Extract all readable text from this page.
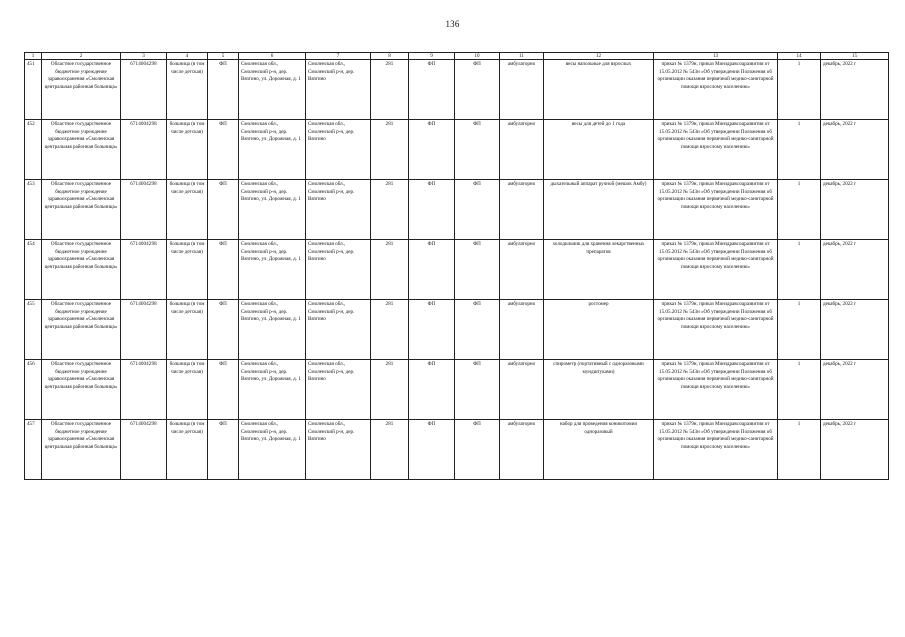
136
1	2	3	4	5	6	7	8	9	10	11	12	13	14	15
451	Областное государственное бюджетное учреждение здравоохранения «Смоленская центральная районная больница»	6714004298	больница (в том числе детская)	ФП	Смоленская обл., Смоленский р-н, дер. Вязгино, ул. Дорожная, д. 1	Смоленская обл., Смоленский р-н, дер. Вязгино	281	ФП	ФП	амбулаторно	весы напольные для взрослых	приказ № 1379н, приказ Минздравсоцразвития от 15.05.2012 № 543н «Об утверждении Положения об организации оказания первичной медико-санитарной помощи взрослому населению»	1	декабрь, 2022 г
452	Областное государственное бюджетное учреждение здравоохранения «Смоленская центральная районная больница»	6714004298	больница (в том числе детская)	ФП	Смоленская обл., Смоленский р-н, дер. Вязгино, ул. Дорожная, д. 1	Смоленская обл., Смоленский р-н, дер. Вязгино	281	ФП	ФП	амбулаторно	весы для детей до 1 года	приказ № 1379н, приказ Минздравсоцразвития от 15.05.2012 № 543н «Об утверждении Положения об организации оказания первичной медико-санитарной помощи взрослому населению»	1	декабрь, 2022 г
453	Областное государственное бюджетное учреждение здравоохранения «Смоленская центральная районная больница»	6714004298	больница (в том числе детская)	ФП	Смоленская обл., Смоленский р-н, дер. Вязгино, ул. Дорожная, д. 1	Смоленская обл., Смоленский р-н, дер. Вязгино	281	ФП	ФП	амбулаторно	дыхательный аппарат ручной (мешок Амбу)	приказ № 1379н, приказ Минздравсоцразвития от 15.05.2012 № 543н «Об утверждении Положения об организации оказания первичной медико-санитарной помощи взрослому населению»	1	декабрь, 2022 г
454	Областное государственное бюджетное учреждение здравоохранения «Смоленская центральная районная больница»	6714004298	больница (в том числе детская)	ФП	Смоленская обл., Смоленский р-н, дер. Вязгино, ул. Дорожная, д. 1	Смоленская обл., Смоленский р-н, дер. Вязгино	281	ФП	ФП	амбулаторно	холодильник для хранения лекарственных препаратов	приказ № 1379н, приказ Минздравсоцразвития от 15.05.2012 № 543н «Об утверждении Положения об организации оказания первичной медико-санитарной помощи взрослому населению»	1	декабрь, 2022 г
455	Областное государственное бюджетное учреждение здравоохранения «Смоленская центральная районная больница»	6714004298	больница (в том числе детская)	ФП	Смоленская обл., Смоленский р-н, дер. Вязгино, ул. Дорожная, д. 1	Смоленская обл., Смоленский р-н, дер. Вязгино	281	ФП	ФП	амбулаторно	ростомер	приказ № 1379н, приказ Минздравсоцразвития от 15.05.2012 № 543н «Об утверждении Положения об организации оказания первичной медико-санитарной помощи взрослому населению»	1	декабрь, 2022 г
456	Областное государственное бюджетное учреждение здравоохранения «Смоленская центральная районная больница»	6714004298	больница (в том числе детская)	ФП	Смоленская обл., Смоленский р-н, дер. Вязгино, ул. Дорожная, д. 1	Смоленская обл., Смоленский р-н, дер. Вязгино	281	ФП	ФП	амбулаторно	спирометр (портативный с одноразовыми мундштуками)	приказ № 1379н, приказ Минздравсоцразвития от 15.05.2012 № 543н «Об утверждении Положения об организации оказания первичной медико-санитарной помощи взрослому населению»	1	декабрь, 2022 г
457	Областное государственное бюджетное учреждение здравоохранения «Смоленская центральная районная больница»	6714004298	больница (в том числе детская)	ФП	Смоленская обл., Смоленский р-н, дер. Вязгино, ул. Дорожная, д. 1	Смоленская обл., Смоленский р-н, дер. Вязгино	281	ФП	ФП	амбулаторно	набор для проведения коникотомии одноразовый	приказ № 1379н, приказ Минздравсоцразвития от 15.05.2012 № 543н «Об утверждении Положения об организации оказания первичной медико-санитарной помощи взрослому населению»	1	декабрь, 2022 г
